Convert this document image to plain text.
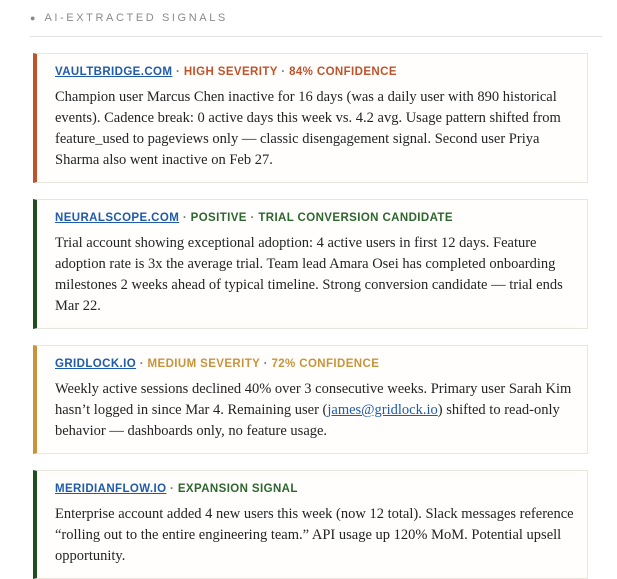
● AI-EXTRACTED SIGNALS
VAULTBRIDGE.COM · HIGH SEVERITY · 84% CONFIDENCE

Champion user Marcus Chen inactive for 16 days (was a daily user with 890 historical events). Cadence break: 0 active days this week vs. 4.2 avg. Usage pattern shifted from feature_used to pageviews only — classic disengagement signal. Second user Priya Sharma also went inactive on Feb 27.

NEURALSCOPE.COM · POSITIVE · TRIAL CONVERSION CANDIDATE

Trial account showing exceptional adoption: 4 active users in first 12 days. Feature adoption rate is 3x the average trial. Team lead Amara Osei has completed onboarding milestones 2 weeks ahead of typical timeline. Strong conversion candidate — trial ends Mar 22.

GRIDLOCK.IO · MEDIUM SEVERITY · 72% CONFIDENCE

Weekly active sessions declined 40% over 3 consecutive weeks. Primary user Sarah Kim hasn’t logged in since Mar 4. Remaining user (james@gridlock.io) shifted to read-only behavior — dashboards only, no feature usage.

MERIDIANFLOW.IO · EXPANSION SIGNAL

Enterprise account added 4 new users this week (now 12 total). Slack messages reference “rolling out to the entire engineering team.” API usage up 120% MoM. Potential upsell opportunity.
